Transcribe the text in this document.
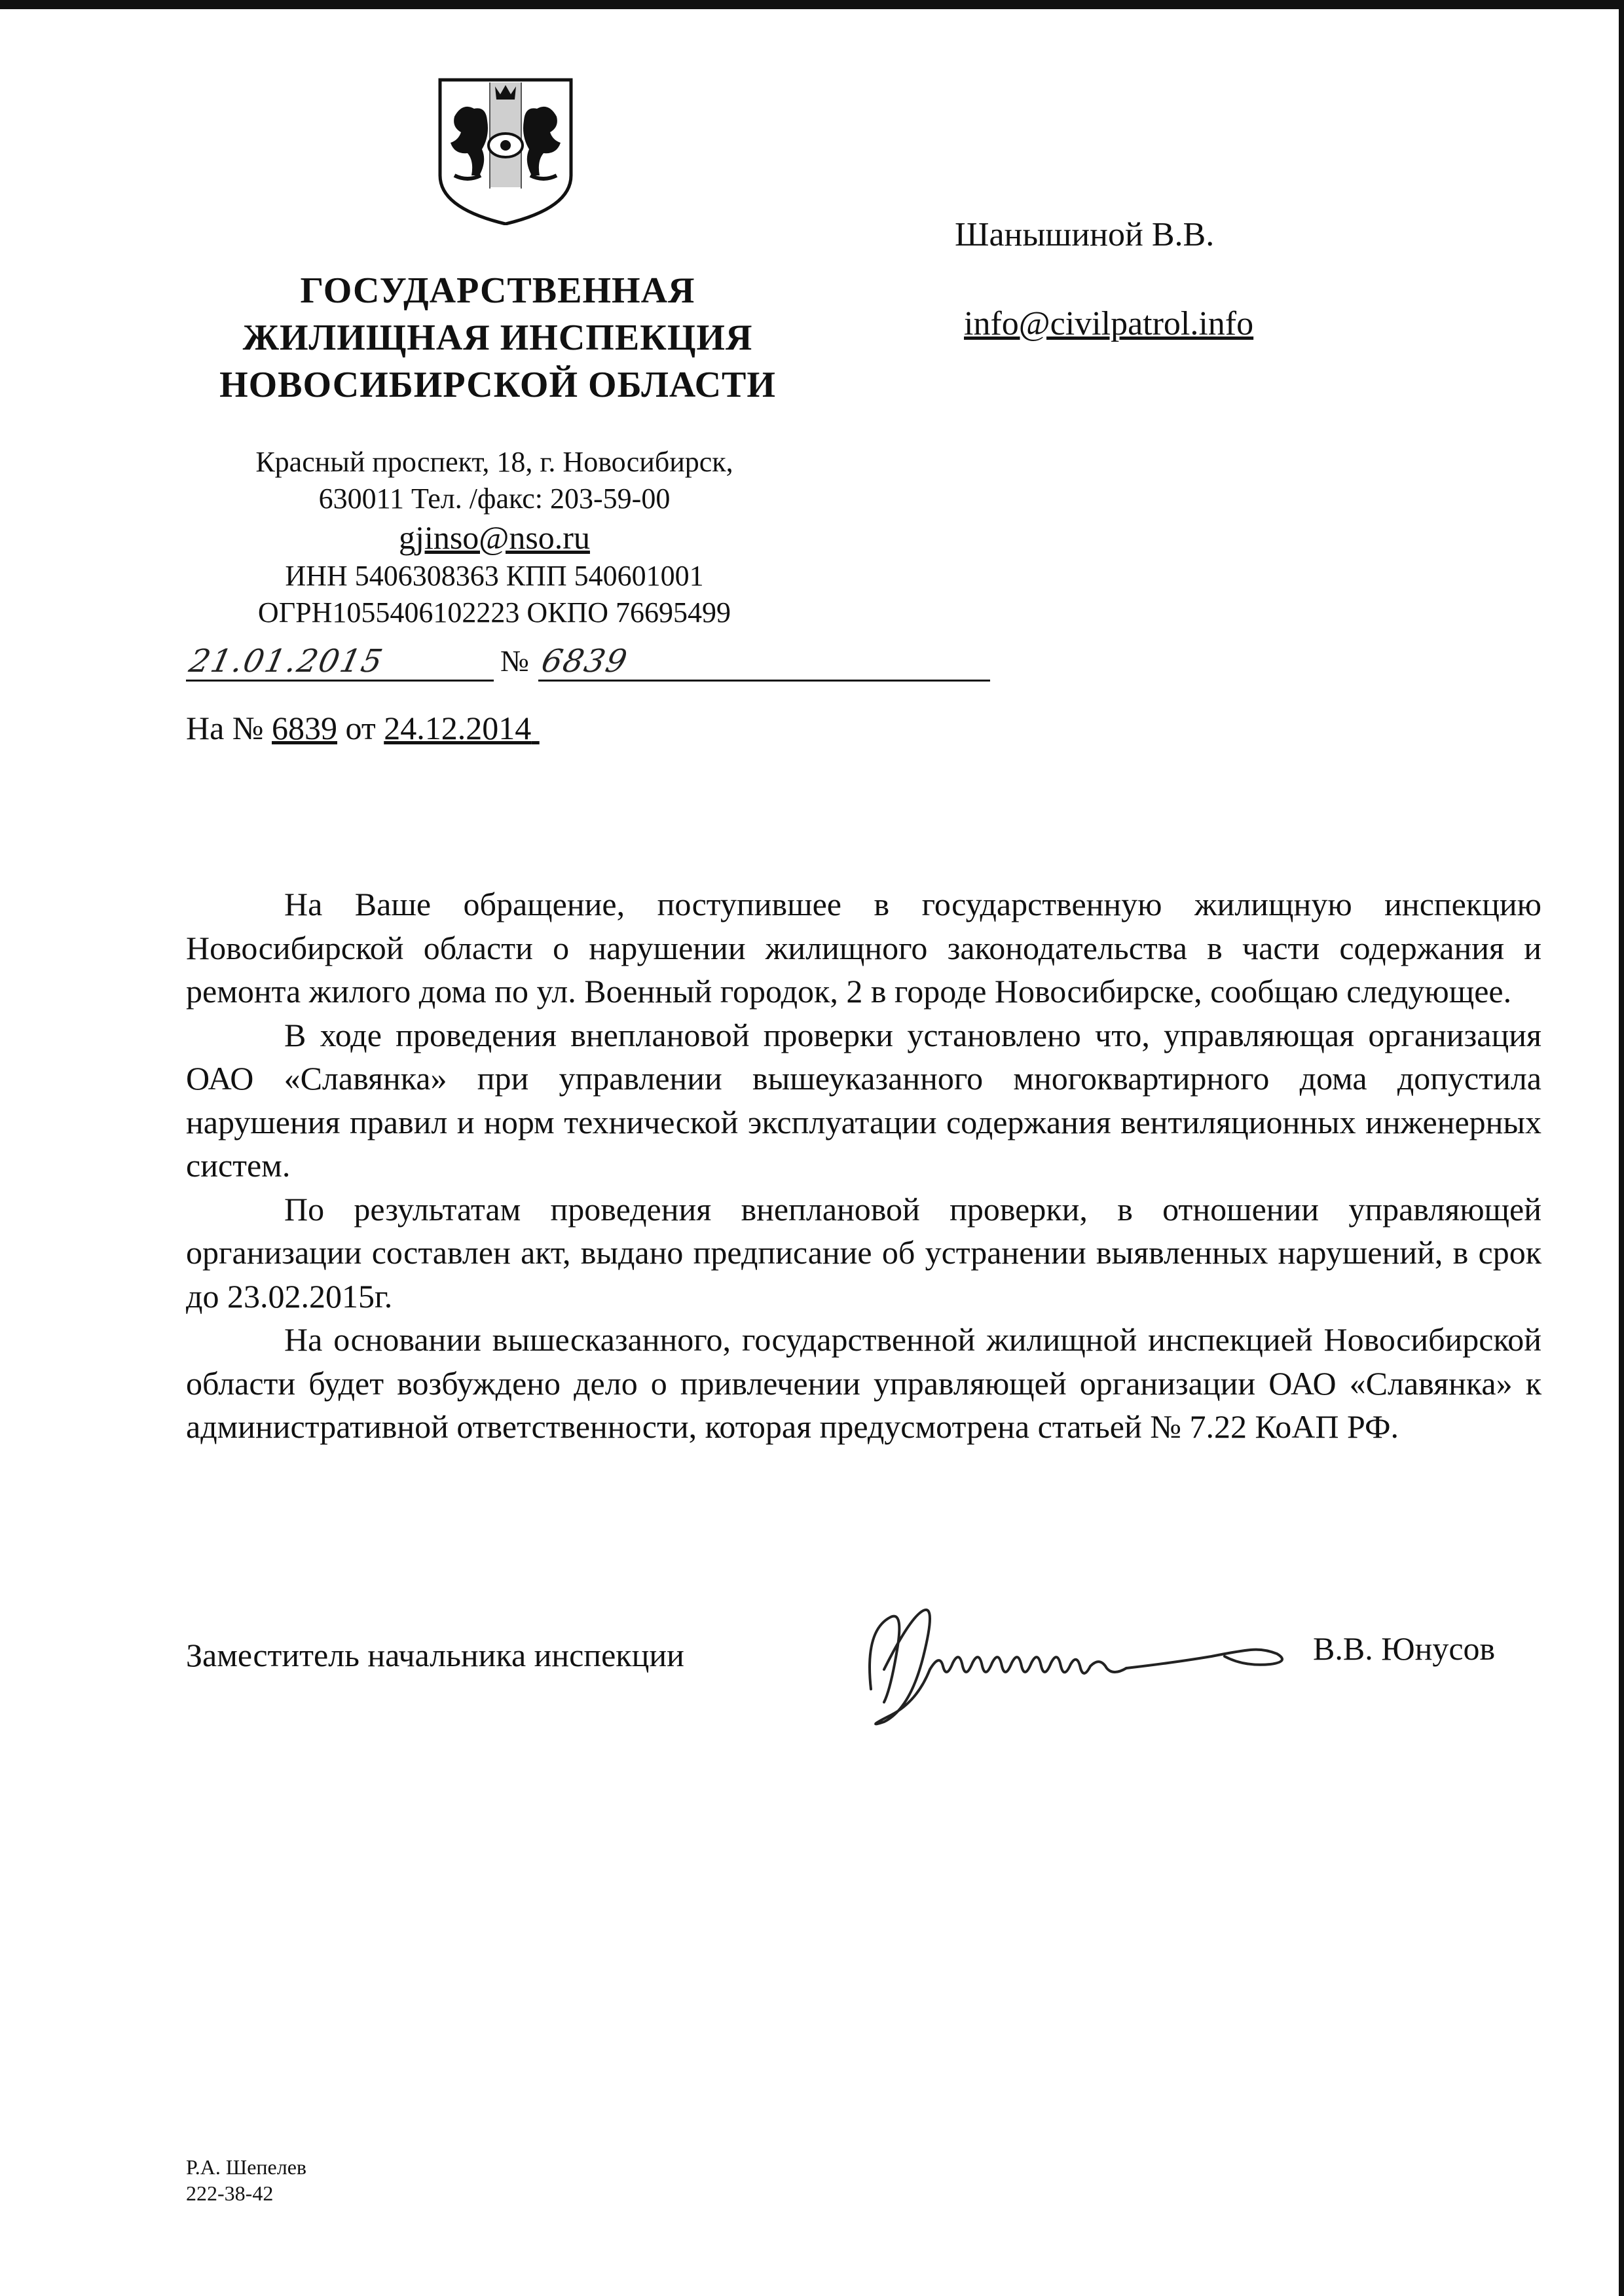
ГОСУДАРСТВЕННАЯ
ЖИЛИЩНАЯ ИНСПЕКЦИЯ
НОВОСИБИРСКОЙ ОБЛАСТИ
Красный проспект, 18, г. Новосибирск,
630011 Тел. /факс: 203-59-00
gjinso@nso.ru
ИНН 5406308363 КПП 540601001
ОГРН1055406102223 ОКПО 76695499
21.01.2015	№ 6839
На № 6839 от 24.12.2014
Шанышиной В.В.
info@civilpatrol.info

На Ваше обращение, поступившее в государственную жилищную инспекцию Новосибирской области о нарушении жилищного законодательства в части содержания и ремонта жилого дома по ул. Военный городок, 2 в городе Новосибирске, сообщаю следующее.

В ходе проведения внеплановой проверки установлено что, управляющая организация ОАО «Славянка» при управлении вышеуказанного многоквартирного дома допустила нарушения правил и норм технической эксплуатации содержания вентиляционных инженерных систем.

По результатам проведения внеплановой проверки, в отношении управляющей организации составлен акт, выдано предписание об устранении выявленных нарушений, в срок до 23.02.2015г.

На основании вышесказанного, государственной жилищной инспекцией Новосибирской области будет возбуждено дело о привлечении управляющей организации ОАО «Славянка» к административной ответственности, которая предусмотрена статьей № 7.22 КоАП РФ.

Заместитель начальника инспекции	В.В. Юнусов
Р.А. Шепелев
222-38-42
